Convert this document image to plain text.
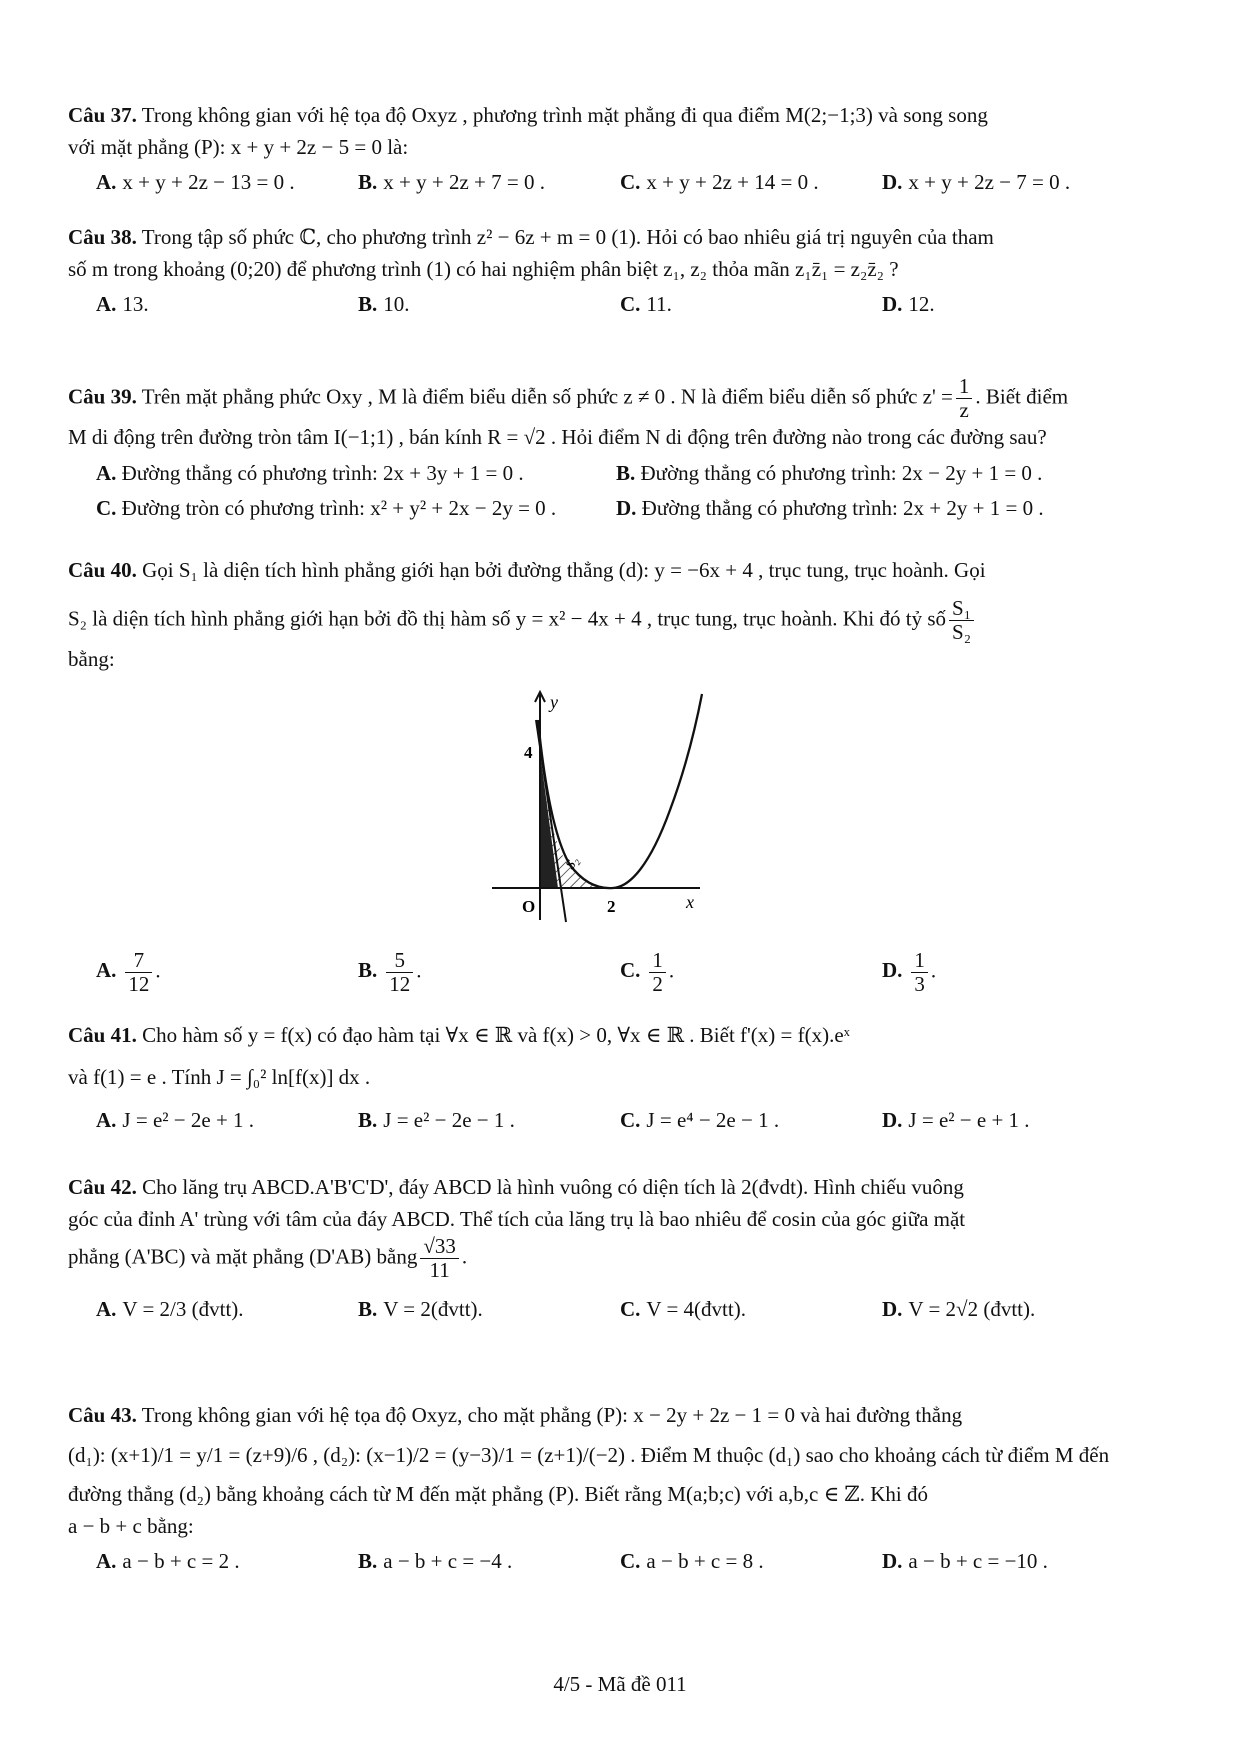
Câu 37. Trong không gian với hệ tọa độ Oxyz , phương trình mặt phẳng đi qua điểm M(2;−1;3) và song song

với mặt phẳng (P): x + y + 2z − 5 = 0 là:

A. x + y + 2z − 13 = 0 .	B. x + y + 2z + 7 = 0 .	C. x + y + 2z + 14 = 0 .	D. x + y + 2z − 7 = 0 .

Câu 38. Trong tập số phức ℂ, cho phương trình z² − 6z + m = 0 (1). Hỏi có bao nhiêu giá trị nguyên của tham

số m trong khoảng (0;20) để phương trình (1) có hai nghiệm phân biệt z₁, z₂ thỏa mãn z₁z̄₁ = z₂z̄₂ ?

A. 13.	B. 10.	C. 11.	D. 12.

Câu 39. Trên mặt phẳng phức Oxy , M là điểm biểu diễn số phức z ≠ 0 . N là điểm biểu diễn số phức $z' = \frac{1}{z}$ . Biết điểm

M di động trên đường tròn tâm I(−1;1) , bán kính R = √2 . Hỏi điểm N di động trên đường nào trong các đường sau?

A. Đường thẳng có phương trình: 2x + 3y + 1 = 0 .	B. Đường thẳng có phương trình: 2x − 2y + 1 = 0 .
C. Đường tròn có phương trình: x² + y² + 2x − 2y = 0 .	D. Đường thẳng có phương trình: 2x + 2y + 1 = 0 .

Câu 40. Gọi S₁ là diện tích hình phẳng giới hạn bởi đường thẳng (d): y = −6x + 4 , trục tung, trục hoành. Gọi

S₂ là diện tích hình phẳng giới hạn bởi đồ thị hàm số y = x² − 4x + 4 , trục tung, trục hoành. Khi đó tỷ số $\frac{\text{S₁}}{\text{S₂}}$

bằng:

y
4
O	2	x
S₂
A. $\frac{7}{12}$ .	B. $\frac{5}{12}$ .	C. $\frac{1}{2}$ .	D. $\frac{1}{3}$ .

Câu 41. Cho hàm số y = f(x) có đạo hàm tại ∀x ∈ ℝ và f(x) > 0, ∀x ∈ ℝ . Biết f'(x) = f(x).eˣ

và f(1) = e . Tính J = ∫₀² ln[f(x)] dx .

A. J = e² − 2e + 1 .	B. J = e² − 2e − 1 .	C. J = e⁴ − 2e − 1 .	D. J = e² − e + 1 .

Câu 42. Cho lăng trụ ABCD.A'B'C'D', đáy ABCD là hình vuông có diện tích là 2(đvdt). Hình chiếu vuông

góc của đỉnh A' trùng với tâm của đáy ABCD. Thể tích của lăng trụ là bao nhiêu để cosin của góc giữa mặt

phẳng (A'BC) và mặt phẳng (D'AB) bằng $\frac{√33}{11}$ .

A. V = 2/3 (đvtt).	B. V = 2(đvtt).	C. V = 4(đvtt).	D. V = 2√2 (đvtt).

Câu 43. Trong không gian với hệ tọa độ Oxyz, cho mặt phẳng (P): x − 2y + 2z − 1 = 0 và hai đường thẳng

(d₁): (x+1)/1 = y/1 = (z+9)/6 , (d₂): (x−1)/2 = (y−3)/1 = (z+1)/(−2) . Điểm M thuộc (d₁) sao cho khoảng cách từ điểm M đến

đường thẳng (d₂) bằng khoảng cách từ M đến mặt phẳng (P). Biết rằng M(a;b;c) với a,b,c ∈ ℤ. Khi đó

a − b + c bằng:

A. a − b + c = 2 .	B. a − b + c = −4 .	C. a − b + c = 8 .	D. a − b + c = −10 .
4/5 - Mã đề 011
